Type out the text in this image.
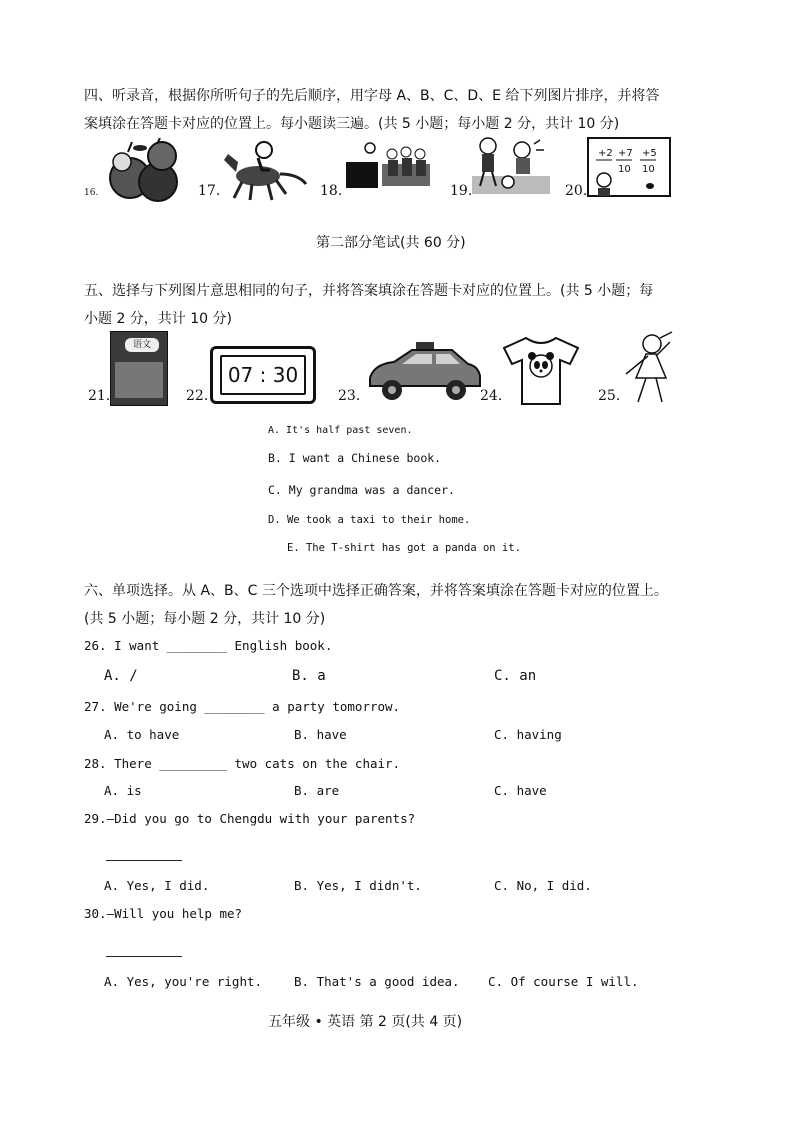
四、听录音，根据你所听句子的先后顺序，用字母 A、B、C、D、E 给下列图片排序，并将答
案填涂在答题卡对应的位置上。每小题读三遍。(共 5 小题；每小题 2 分，共计 10 分)
16.	17.	18.	19.	20.
+2 +7 +5
10 10
第二部分笔试(共 60 分)
五、选择与下列图片意思相同的句子，并将答案填涂在答题卡对应的位置上。(共 5 小题；每
小题 2 分，共计 10 分)
21.
语文
22.
07 : 30
23.	24.	25.
A. It's half past seven.
B. I want a Chinese book.
C. My grandma was a dancer.
D. We took a taxi to their home.
E. The T-shirt has got a panda on it.
六、单项选择。从 A、B、C 三个选项中选择正确答案，并将答案填涂在答题卡对应的位置上。
(共 5 小题；每小题 2 分，共计 10 分)
26. I want ________ English book.
A. /	B. a	C. an
27. We're going ________ a party tomorrow.
A. to have	B. have	C. having
28. There _________ two cats on the chair.
A. is	B. are	C. have
29.—Did you go to Chengdu with your parents?
A. Yes, I did.	B. Yes, I didn't.	C. No, I did.
30.—Will you help me?
A. Yes, you're right.	B. That's a good idea. C. Of course I will.
五年级 • 英语 第 2 页(共 4 页)
